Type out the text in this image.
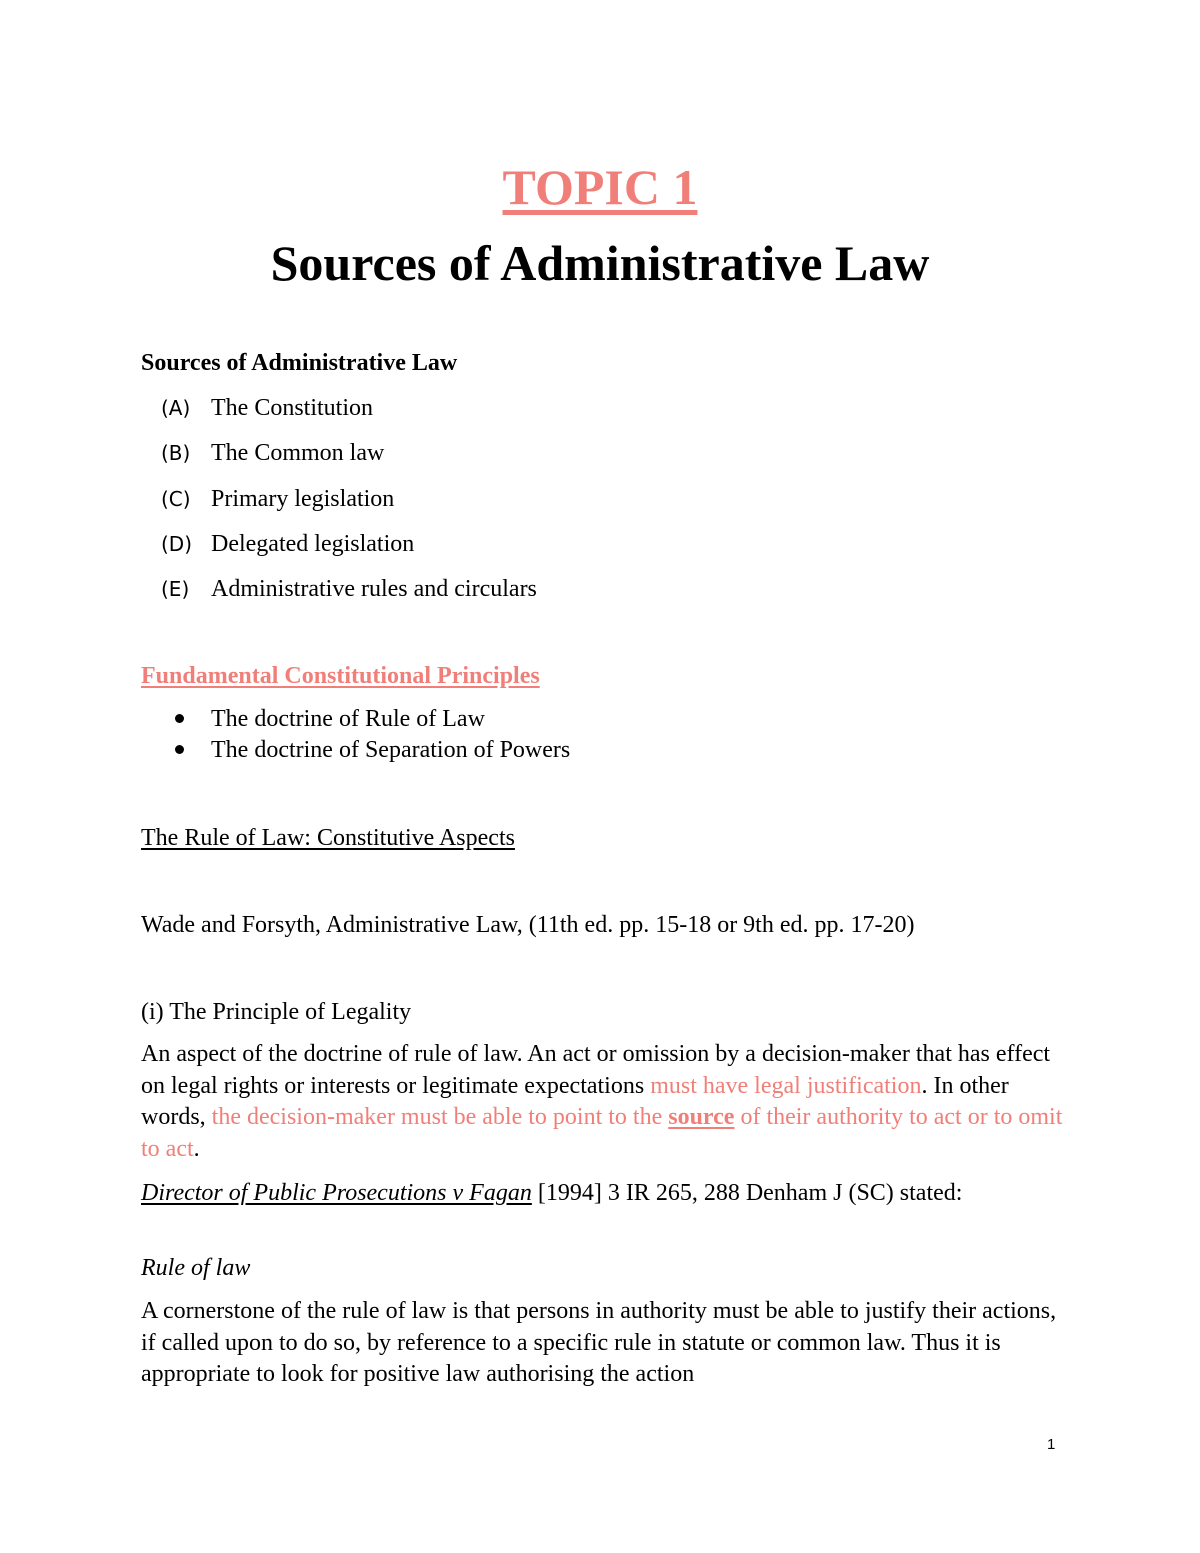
TOPIC 1
Sources of Administrative Law
Sources of Administrative Law
(A) The Constitution
(B) The Common law
(C) Primary legislation
(D) Delegated legislation
(E) Administrative rules and circulars
Fundamental Constitutional Principles
The doctrine of Rule of Law
The doctrine of Separation of Powers
The Rule of Law: Constitutive Aspects
Wade and Forsyth, Administrative Law, (11th ed. pp. 15-18 or 9th ed. pp. 17-20)
(i) The Principle of Legality
An aspect of the doctrine of rule of law. An act or omission by a decision-maker that has effect on legal rights or interests or legitimate expectations must have legal justification. In other words, the decision-maker must be able to point to the source of their authority to act or to omit to act.
Director of Public Prosecutions v Fagan [1994] 3 IR 265, 288 Denham J (SC) stated:
Rule of law
A cornerstone of the rule of law is that persons in authority must be able to justify their actions, if called upon to do so, by reference to a specific rule in statute or common law. Thus it is appropriate to look for positive law authorising the action
1
